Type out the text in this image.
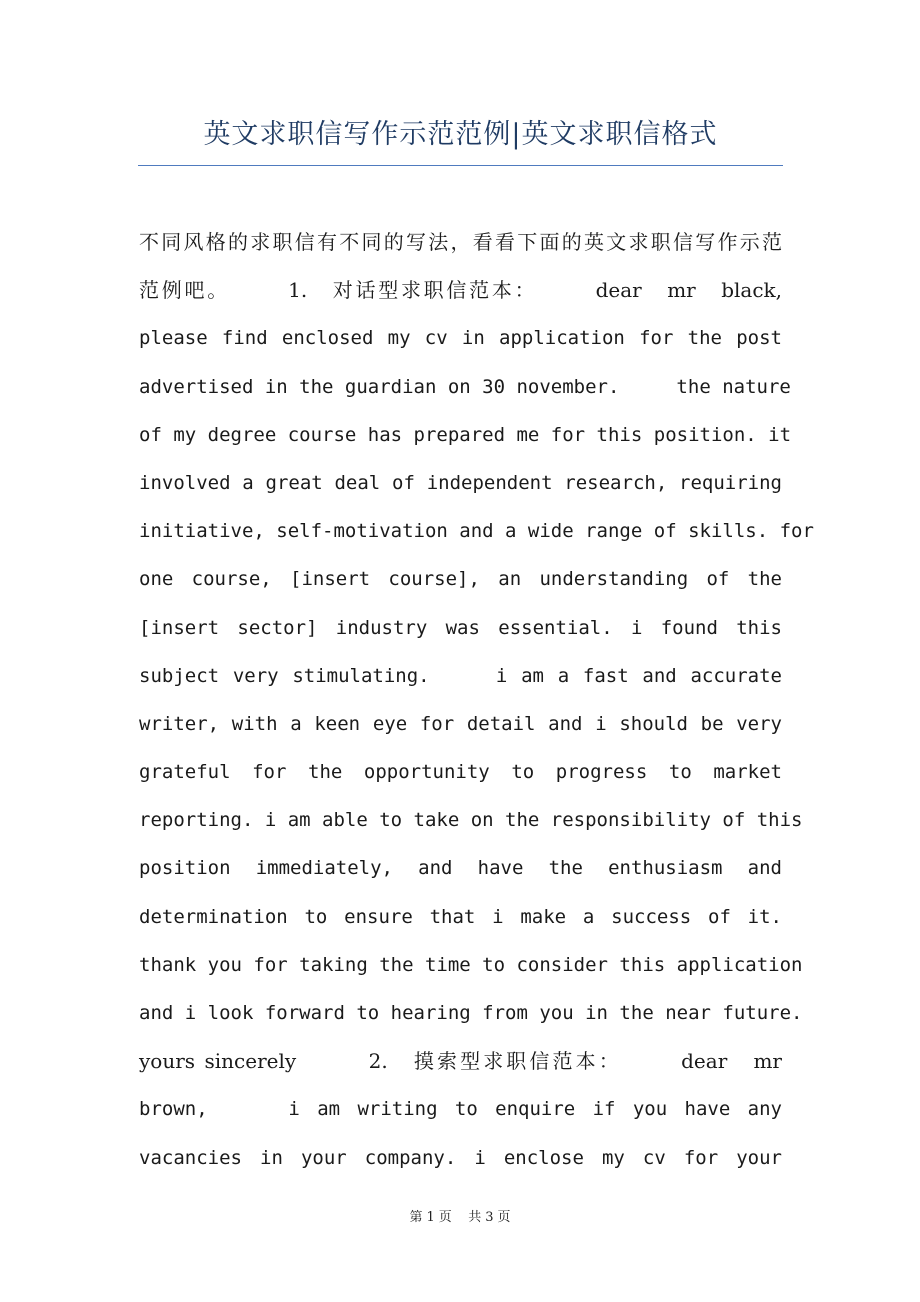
英文求职信写作示范范例|英文求职信格式
不同风格的求职信有不同的写法，看看下面的英文求职信写作示范
范例吧。　　　1.　对话型求职信范本：　　　dear　mr　black,
please find enclosed my cv in application for the post
advertised in the guardian on 30 november.　　　the nature
of my degree course has prepared me for this position. it
involved a great deal of independent research, requiring
initiative, self-motivation and a wide range of skills. for
one course, [insert course], an understanding of the
[insert sector] industry was essential. i found this
subject very stimulating.　　　i am a fast and accurate
writer, with a keen eye for detail and i should be very
grateful for the opportunity to progress to market
reporting. i am able to take on the responsibility of this
position immediately, and have the enthusiasm and
determination to ensure that i make a success of it.
thank you for taking the time to consider this application
and i look forward to hearing from you in the near future.
yours sincerely　　　2.　摸索型求职信范本：　　　dear　mr
brown,　　　i am writing to enquire if you have any
vacancies in your company. i enclose my cv for your
第 1 页 共 3 页
